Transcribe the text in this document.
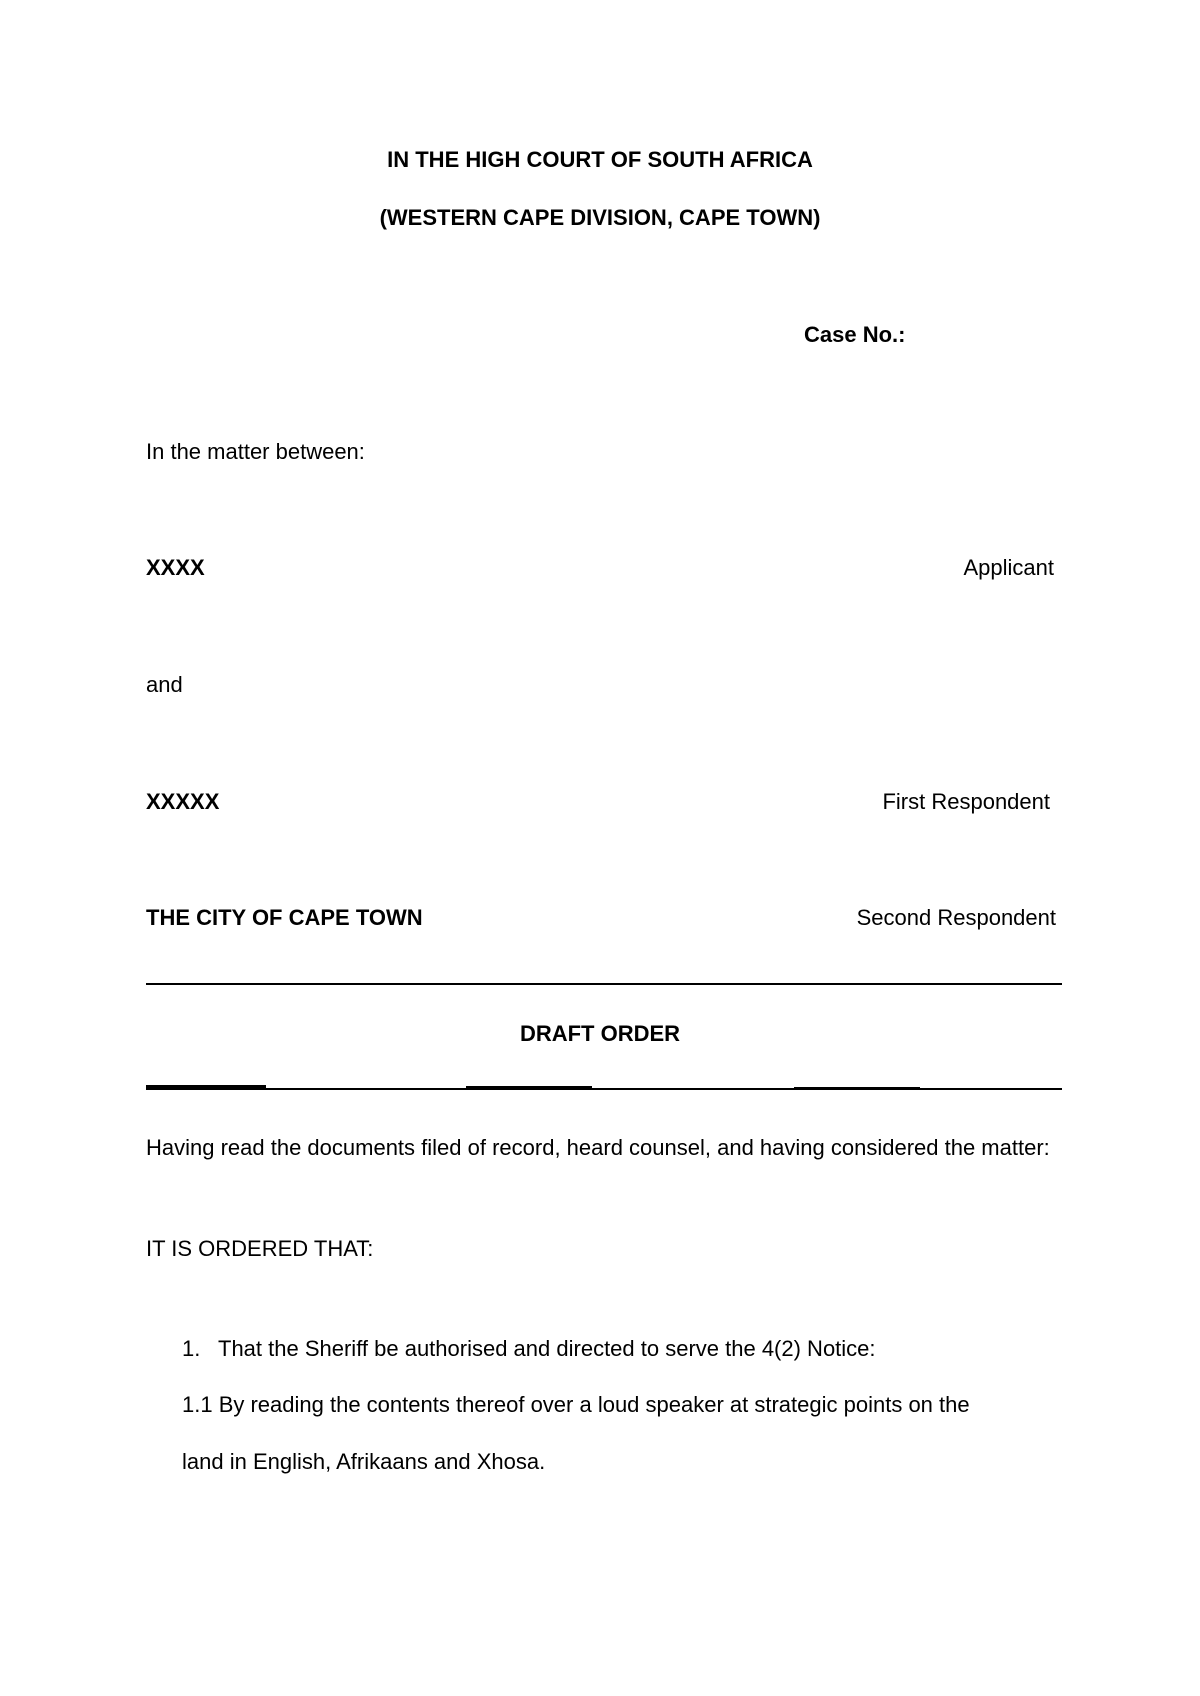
IN THE HIGH COURT OF SOUTH AFRICA
(WESTERN CAPE DIVISION, CAPE TOWN)
Case No.:
In the matter between:
XXXX	Applicant
and
XXXXX	First Respondent
THE CITY OF CAPE TOWN	Second Respondent
DRAFT ORDER
Having read the documents filed of record, heard counsel, and having considered the matter:
IT IS ORDERED THAT:
1. That the Sheriff be authorised and directed to serve the 4(2) Notice:
1.1 By reading the contents thereof over a loud speaker at strategic points on the
land in English, Afrikaans and Xhosa.
